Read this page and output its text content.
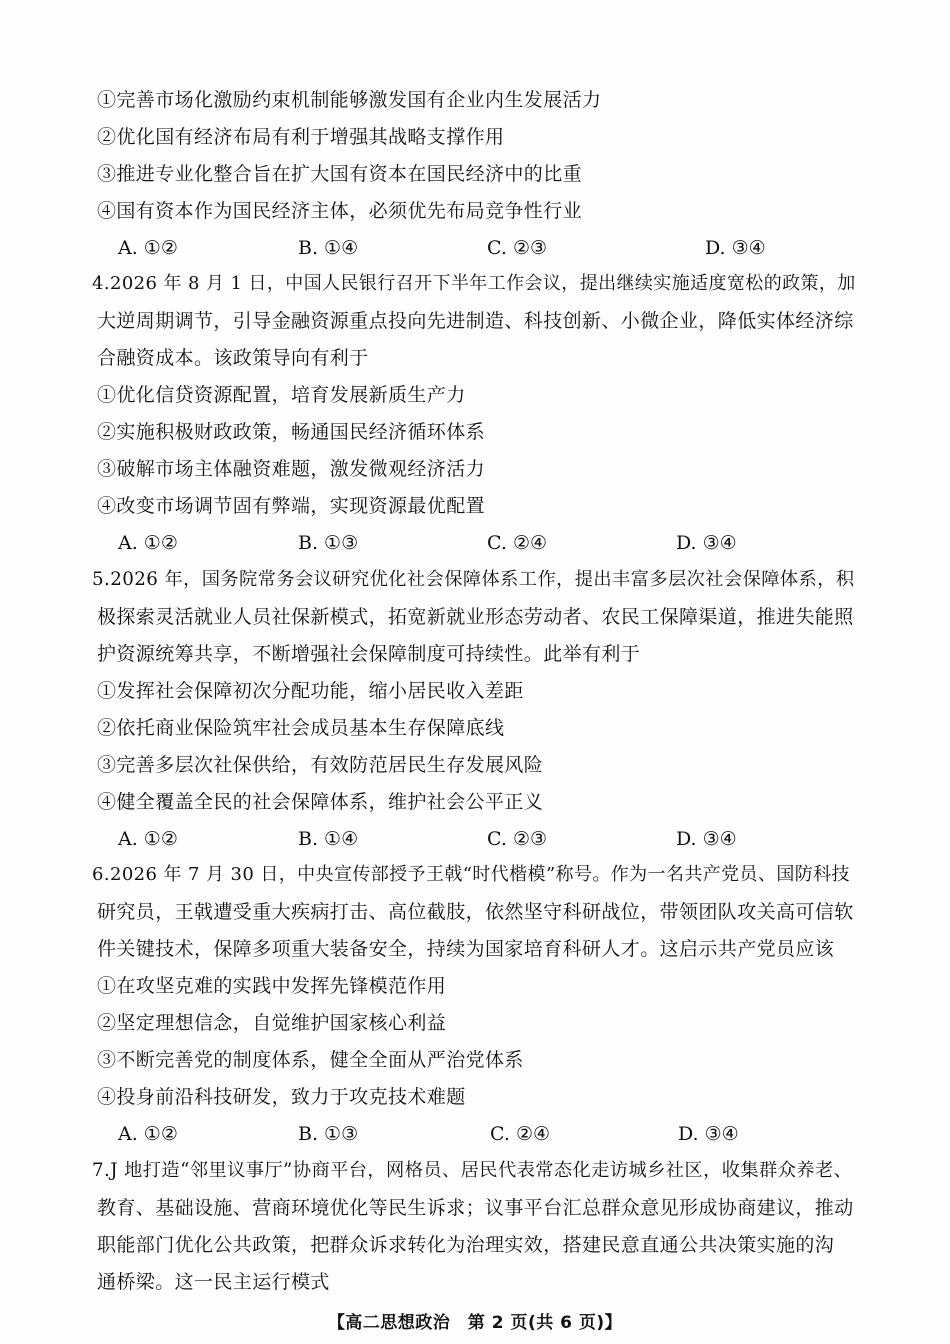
①完善市场化激励约束机制能够激发国有企业内生发展活力
②优化国有经济布局有利于增强其战略支撑作用
③推进专业化整合旨在扩大国有资本在国民经济中的比重
④国有资本作为国民经济主体，必须优先布局竞争性行业
A. ①②	B. ①④	C. ②③	D. ③④
4.2026 年 8 月 1 日，中国人民银行召开下半年工作会议，提出继续实施适度宽松的政策，加
大逆周期调节，引导金融资源重点投向先进制造、科技创新、小微企业，降低实体经济综
合融资成本。该政策导向有利于
①优化信贷资源配置，培育发展新质生产力
②实施积极财政政策，畅通国民经济循环体系
③破解市场主体融资难题，激发微观经济活力
④改变市场调节固有弊端，实现资源最优配置
A. ①②	B. ①③	C. ②④	D. ③④
5.2026 年，国务院常务会议研究优化社会保障体系工作，提出丰富多层次社会保障体系，积
极探索灵活就业人员社保新模式，拓宽新就业形态劳动者、农民工保障渠道，推进失能照
护资源统筹共享，不断增强社会保障制度可持续性。此举有利于
①发挥社会保障初次分配功能，缩小居民收入差距
②依托商业保险筑牢社会成员基本生存保障底线
③完善多层次社保供给，有效防范居民生存发展风险
④健全覆盖全民的社会保障体系，维护社会公平正义
A. ①②	B. ①④	C. ②③	D. ③④
6.2026 年 7 月 30 日，中央宣传部授予王戟“时代楷模”称号。作为一名共产党员、国防科技
研究员，王戟遭受重大疾病打击、高位截肢，依然坚守科研战位，带领团队攻关高可信软
件关键技术，保障多项重大装备安全，持续为国家培育科研人才。这启示共产党员应该
①在攻坚克难的实践中发挥先锋模范作用
②坚定理想信念，自觉维护国家核心利益
③不断完善党的制度体系，健全全面从严治党体系
④投身前沿科技研发，致力于攻克技术难题
A. ①②	B. ①③	C. ②④	D. ③④
7.J 地打造“邻里议事厅”协商平台，网格员、居民代表常态化走访城乡社区，收集群众养老、
教育、基础设施、营商环境优化等民生诉求；议事平台汇总群众意见形成协商建议，推动
职能部门优化公共政策，把群众诉求转化为治理实效，搭建民意直通公共决策实施的沟
通桥梁。这一民主运行模式
【高二思想政治　第 2 页(共 6 页)】
